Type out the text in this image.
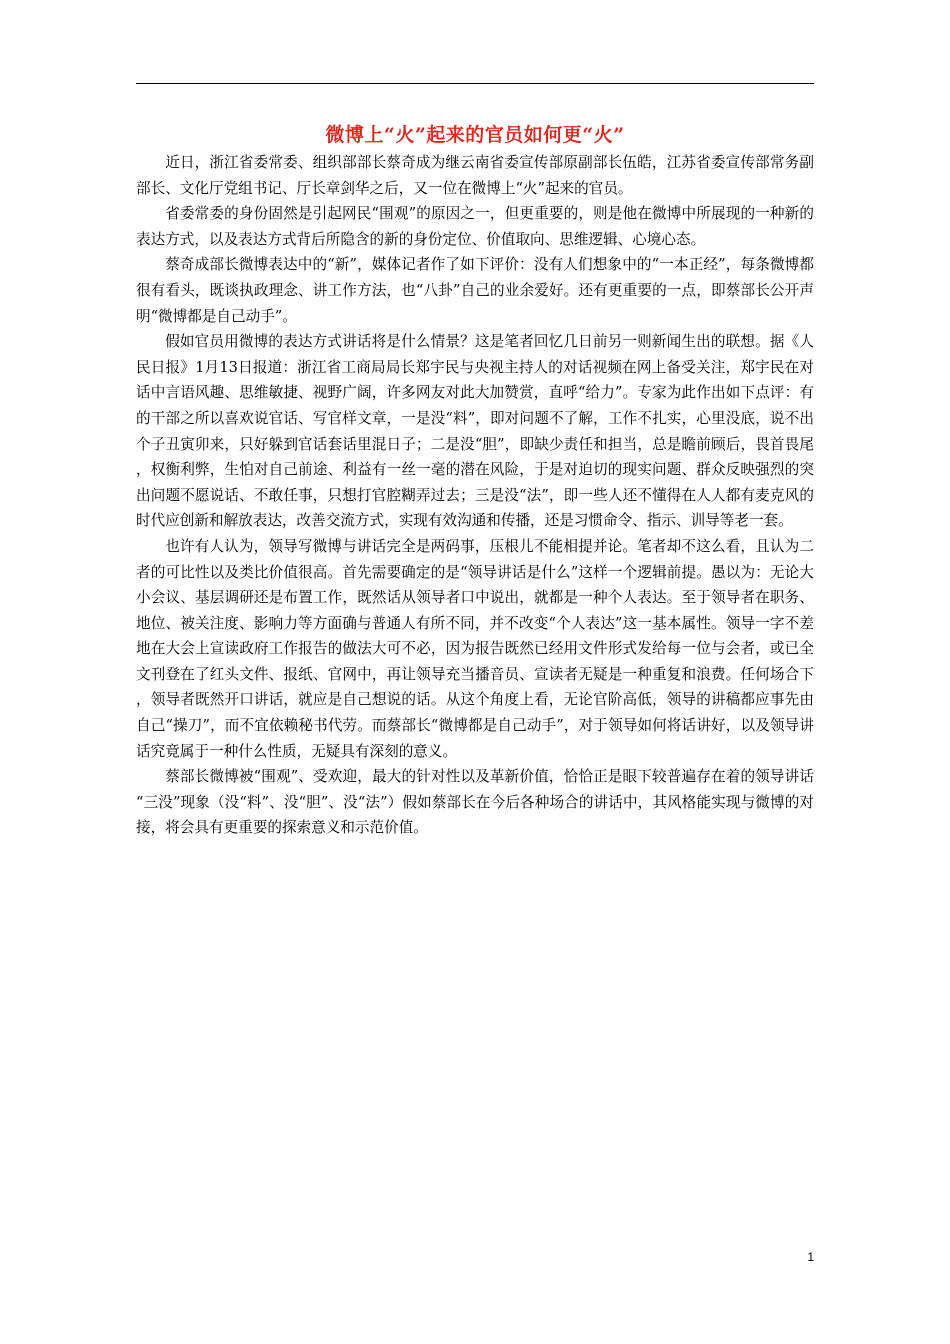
微博上“火”起来的官员如何更“火”

近日，浙江省委常委、组织部部长蔡奇成为继云南省委宣传部原副部长伍皓，江苏省委宣传部常务副部长、文化厅党组书记、厅长章剑华之后，又一位在微博上“火”起来的官员。

省委常委的身份固然是引起网民“围观”的原因之一，但更重要的，则是他在微博中所展现的一种新的表达方式，以及表达方式背后所隐含的新的身份定位、价值取向、思维逻辑、心境心态。

蔡奇成部长微博表达中的“新”，媒体记者作了如下评价：没有人们想象中的“一本正经”，每条微博都很有看头，既谈执政理念、讲工作方法，也“八卦”自己的业余爱好。还有更重要的一点，即蔡部长公开声明“微博都是自己动手”。

假如官员用微博的表达方式讲话将是什么情景？这是笔者回忆几日前另一则新闻生出的联想。据《人民日报》1月13日报道：浙江省工商局局长郑宇民与央视主持人的对话视频在网上备受关注，郑宇民在对话中言语风趣、思维敏捷、视野广阔，许多网友对此大加赞赏，直呼“给力”。专家为此作出如下点评：有的干部之所以喜欢说官话、写官样文章，一是没“料”，即对问题不了解，工作不扎实，心里没底，说不出个子丑寅卯来，只好躲到官话套话里混日子；二是没“胆”，即缺少责任和担当，总是瞻前顾后，畏首畏尾，权衡利弊，生怕对自己前途、利益有一丝一毫的潜在风险，于是对迫切的现实问题、群众反映强烈的突出问题不愿说话、不敢任事，只想打官腔糊弄过去；三是没“法”，即一些人还不懂得在人人都有麦克风的时代应创新和解放表达，改善交流方式，实现有效沟通和传播，还是习惯命令、指示、训导等老一套。

也许有人认为，领导写微博与讲话完全是两码事，压根儿不能相提并论。笔者却不这么看，且认为二者的可比性以及类比价值很高。首先需要确定的是“领导讲话是什么”这样一个逻辑前提。愚以为：无论大小会议、基层调研还是布置工作，既然话从领导者口中说出，就都是一种个人表达。至于领导者在职务、地位、被关注度、影响力等方面确与普通人有所不同，并不改变“个人表达”这一基本属性。领导一字不差地在大会上宣读政府工作报告的做法大可不必，因为报告既然已经用文件形式发给每一位与会者，或已全文刊登在了红头文件、报纸、官网中，再让领导充当播音员、宣读者无疑是一种重复和浪费。任何场合下，领导者既然开口讲话，就应是自己想说的话。从这个角度上看，无论官阶高低，领导的讲稿都应事先由自己“操刀”，而不宜依赖秘书代劳。而蔡部长“微博都是自己动手”，对于领导如何将话讲好，以及领导讲话究竟属于一种什么性质，无疑具有深刻的意义。

蔡部长微博被“围观”、受欢迎，最大的针对性以及革新价值，恰恰正是眼下较普遍存在着的领导讲话“三没”现象（没“料”、没“胆”、没“法”）假如蔡部长在今后各种场合的讲话中，其风格能实现与微博的对接，将会具有更重要的探索意义和示范价值。

1
